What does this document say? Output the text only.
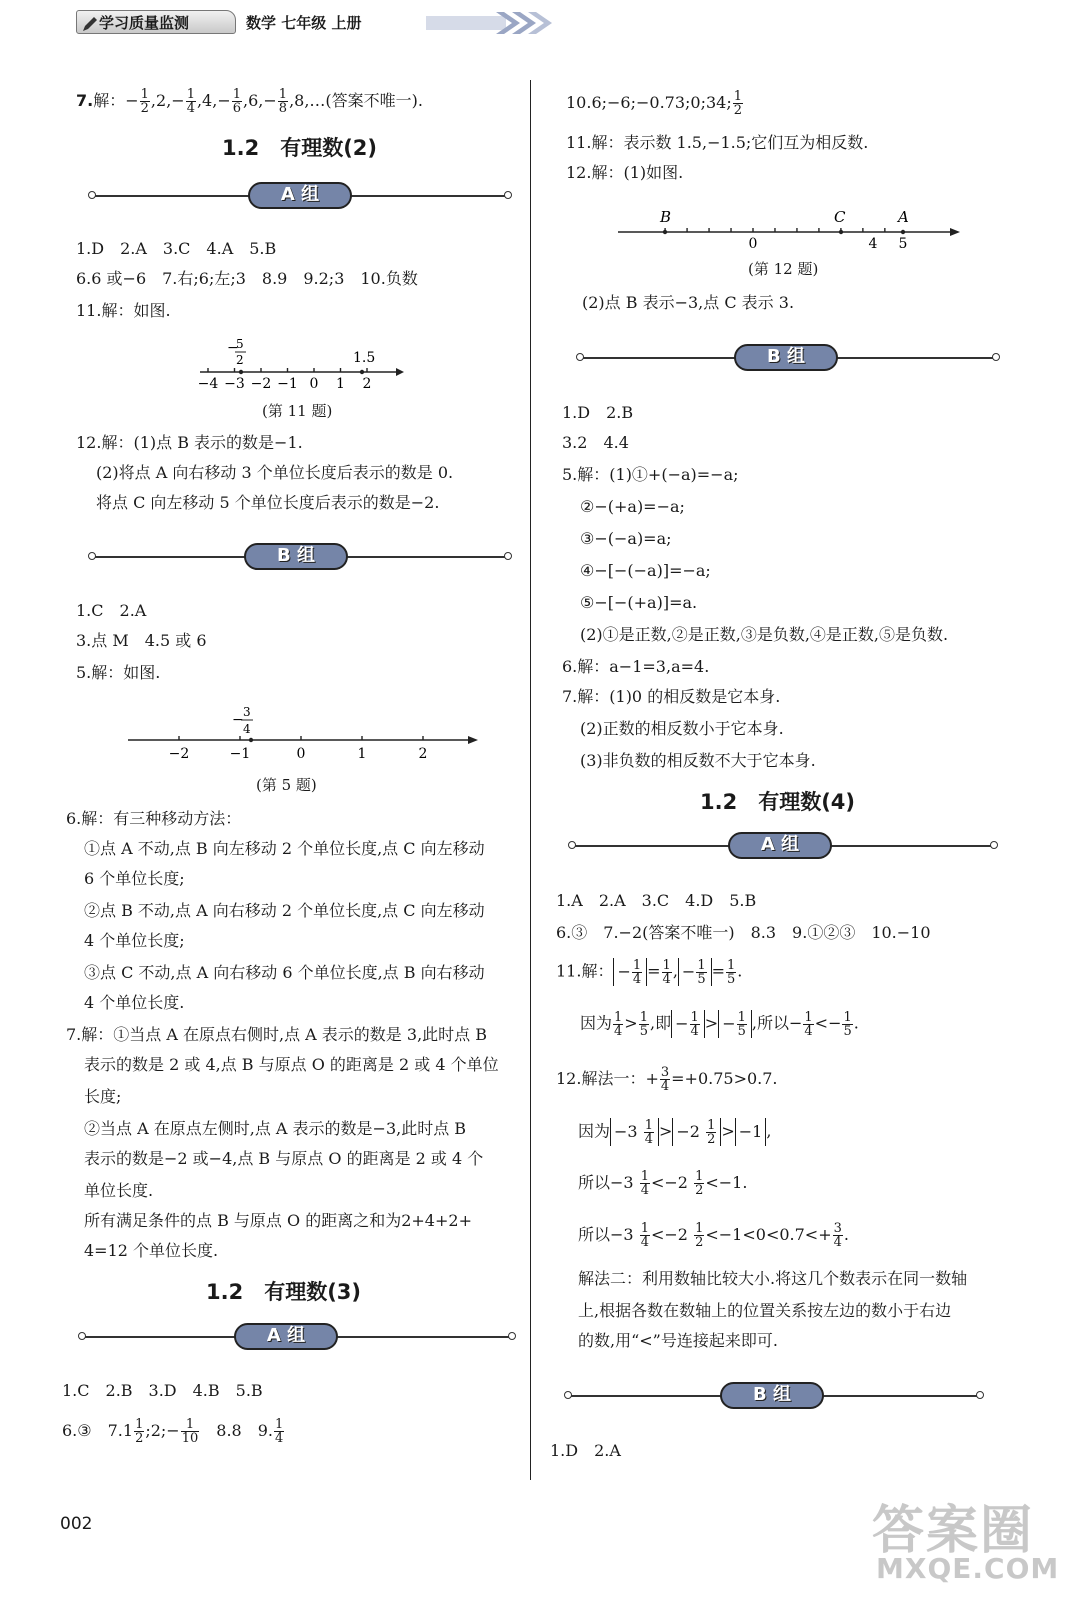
学习质量监测	数学 七年级 上册
7.解：− $\frac{1}{2} ,2,- \frac{1}{4} ,4,- \frac{1}{6} ,6,- \frac{1}{8}$ ,8,…(答案不唯一).
1.2　有理数(2)
A 组
1.D　2.A　3.C　4.A　5.B
6.6 或−6　7.右;6;左;3　8.9　9.2;3　10.负数
11.解：如图.
−4 −3 −2 −1 0 1 2
−
5
2	1.5
(第 11 题)
12.解：(1)点 B 表示的数是−1.
(2)将点 A 向右移动 3 个单位长度后表示的数是 0.
将点 C 向左移动 5 个单位长度后表示的数是−2.
B 组
1.C　2.A
3.点 M　4.5 或 6
5.解：如图.
−2	−1	0	1	2
− 3
4
(第 5 题)
6.解：有三种移动方法：
①点 A 不动,点 B 向左移动 2 个单位长度,点 C 向左移动
6 个单位长度;
②点 B 不动,点 A 向右移动 2 个单位长度,点 C 向左移动
4 个单位长度;
③点 C 不动,点 A 向右移动 6 个单位长度,点 B 向右移动
4 个单位长度.
7.解：①当点 A 在原点右侧时,点 A 表示的数是 3,此时点 B
表示的数是 2 或 4,点 B 与原点 O 的距离是 2 或 4 个单位
长度;
②当点 A 在原点左侧时,点 A 表示的数是−3,此时点 B
表示的数是−2 或−4,点 B 与原点 O 的距离是 2 或 4 个
单位长度.
所有满足条件的点 B 与原点 O 的距离之和为2+4+2+
4=12 个单位长度.
1.2　有理数(3)
A 组
1.C　2.B　3.D　4.B　5.B
6.③　$7.1 \frac{1}{2}$ ;2;− $\frac{1}{10}$ 　8.8　9. $\frac{1}{4}$
10.6;−6;−0.73;0;34; $\frac{1}{2}$
11.解：表示数 1.5,−1.5;它们互为相反数.
12.解：(1)如图.
0	4 5
B	C	A
(第 12 题)
(2)点 B 表示−3,点 C 表示 3.
B 组
1.D　2.B
3.2　4.4
5.解：(1)①+(−a)=−a;
②−(+a)=−a;
③−(−a)=a;
④−[−(−a)]=−a;
⑤−[−(+a)]=a.
(2)①是正数,②是正数,③是负数,④是正数,⑤是负数.
6.解：a−1=3,a=4.
7.解：(1)0 的相反数是它本身.
(2)正数的相反数小于它本身.
(3)非负数的相反数不大于它本身.
1.2　有理数(4)
A 组
1.A　2.A　3.C　4.D　5.B
6.③　7.−2(答案不唯一)　8.3　9.①②③　10.−10
11.解： − $\frac{1}{4} = \frac{1}{4}$ , − $\frac{1}{5} = \frac{1}{5}$ .
因为 $\frac{1}{4} > \frac{1}{5}$ ,即 − $\frac{1}{4}$ > − $\frac{1}{5}$ ,所以− $\frac{1}{4} <- \frac{1}{5}$ .
12.解法一：+ $\frac{3}{4} =+0.75>0.7$.
因为 $-3 \frac{1}{4} > -2 \frac{1}{2} > -1$ ,
所以$-3 \frac{1}{4} <-2 \frac{1}{2} <-1$.
所以$-3 \frac{1}{4} <-2 \frac{1}{2} <-1<0<0.7<+ \frac{3}{4}$ .
解法二：利用数轴比较大小.将这几个数表示在同一数轴
上,根据各数在数轴上的位置关系按左边的数小于右边
的数,用“<”号连接起来即可.
B 组
1.D　2.A
002	答案圈
MXQE.COM
